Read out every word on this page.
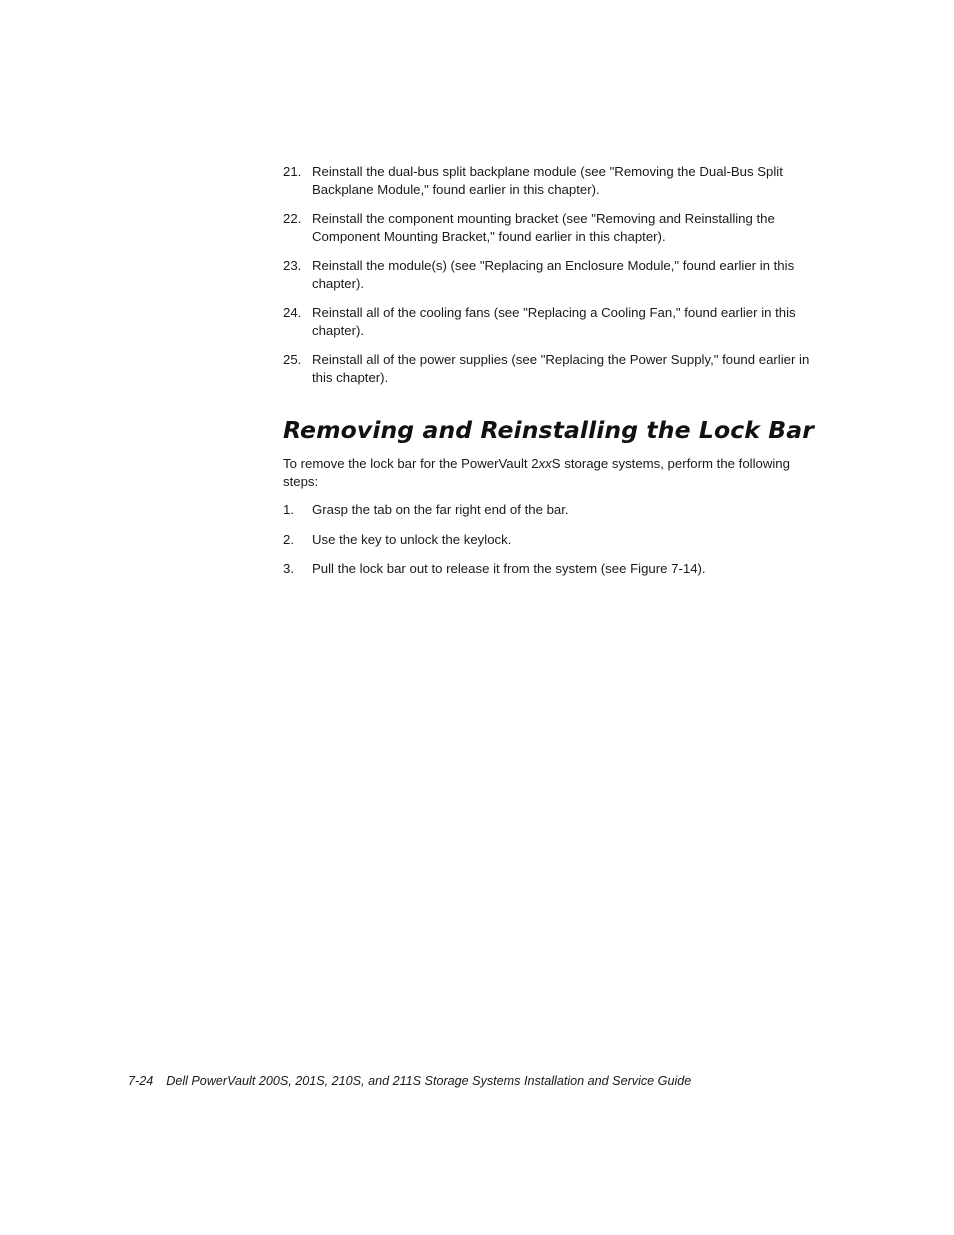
21. Reinstall the dual-bus split backplane module (see "Removing the Dual-Bus Split Backplane Module," found earlier in this chapter).
22. Reinstall the component mounting bracket (see "Removing and Reinstalling the Component Mounting Bracket," found earlier in this chapter).
23. Reinstall the module(s) (see "Replacing an Enclosure Module," found earlier in this chapter).
24. Reinstall all of the cooling fans (see "Replacing a Cooling Fan," found earlier in this chapter).
25. Reinstall all of the power supplies (see "Replacing the Power Supply," found earlier in this chapter).
Removing and Reinstalling the Lock Bar

To remove the lock bar for the PowerVault 2xxS storage systems, perform the following steps:

1. Grasp the tab on the far right end of the bar.
2. Use the key to unlock the keylock.
3. Pull the lock bar out to release it from the system (see Figure 7-14).

7-24 Dell PowerVault 200S, 201S, 210S, and 211S Storage Systems Installation and Service Guide
